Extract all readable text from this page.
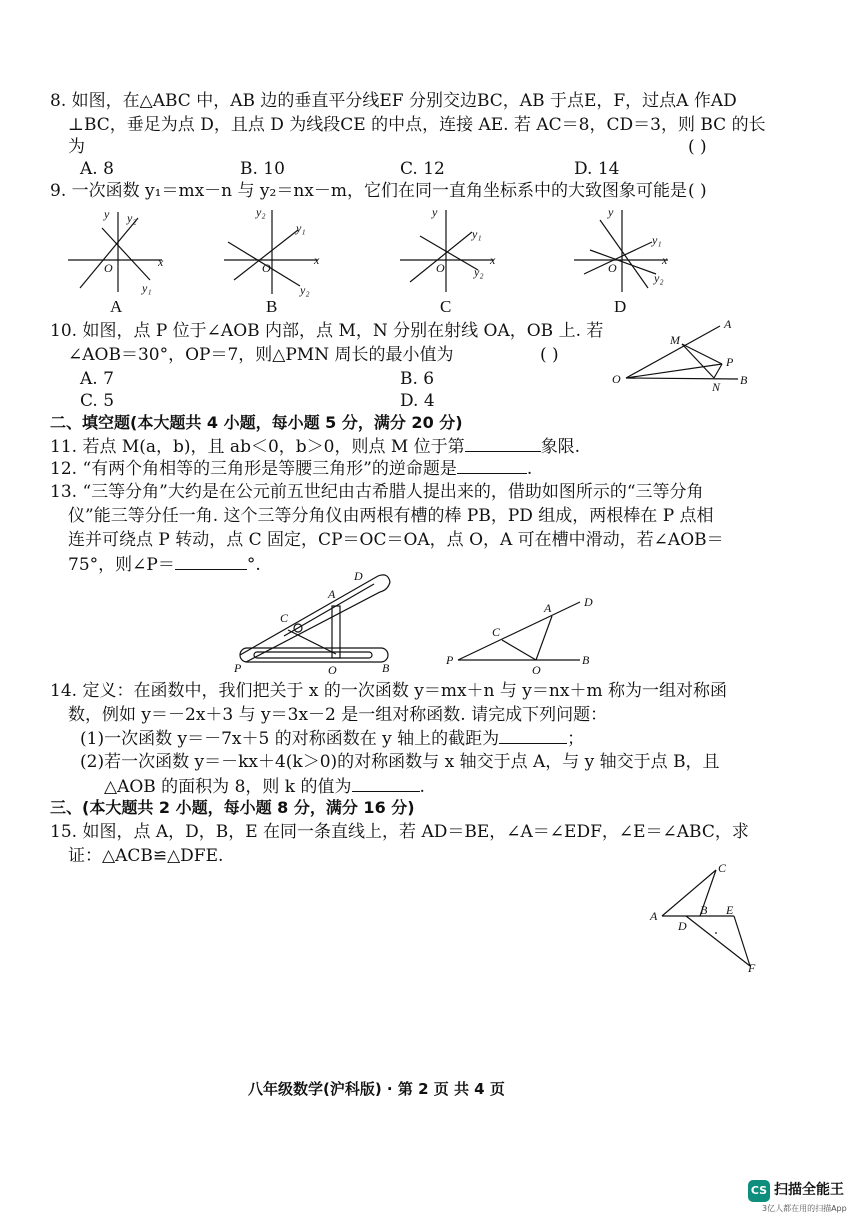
8. 如图，在△ABC 中，AB 边的垂直平分线EF 分别交边BC，AB 于点E，F，过点A 作AD
⊥BC，垂足为点 D，且点 D 为线段CE 的中点，连接 AE. 若 AC＝8，CD＝3，则 BC 的长
为	( )
A. 8	B. 10	C. 12	D. 14
9. 一次函数 y₁＝mx－n 与 y₂＝nx－m，它们在同一直角坐标系中的大致图象可能是 ( )
y y₂
O	x
y₁
y₂
y₁
O
x
y₂
y
y₁
O
x
y₂
y
y₁
O
x
y₂
A	B	C	D
10. 如图，点 P 位于∠AOB 内部，点 M，N 分别在射线 OA，OB 上. 若
∠AOB＝30°，OP＝7，则△PMN 周长的最小值为	( )
A. 7	B. 6
C. 5	D. 4
A
M
P
O
N B
二、填空题(本大题共 4 小题，每小题 5 分，满分 20 分)
11. 若点 M(a，b)，且 ab＜0，b＞0，则点 M 位于第	象限.
12. “有两个角相等的三角形是等腰三角形”的逆命题是	.
13. “三等分角”大约是在公元前五世纪由古希腊人提出来的，借助如图所示的“三等分角
仪”能三等分任一角. 这个三等分角仪由两根有槽的棒 PB，PD 组成，两根棒在 P 点相
连并可绕点 P 转动，点 C 固定，CP＝OC＝OA，点 O，A 可在槽中滑动，若∠AOB＝
75°，则∠P＝	°.
D
A
C
P	O	B
D
A
C
P
O
B
14. 定义：在函数中，我们把关于 x 的一次函数 y＝mx＋n 与 y＝nx＋m 称为一组对称函
数，例如 y＝－2x＋3 与 y＝3x－2 是一组对称函数. 请完成下列问题：
(1)一次函数 y＝－7x＋5 的对称函数在 y 轴上的截距为	；
(2)若一次函数 y＝－kx＋4(k＞0)的对称函数与 x 轴交于点 A，与 y 轴交于点 B，且
△AOB 的面积为 8，则 k 的值为	.
三、(本大题共 2 小题，每小题 8 分，满分 16 分)
15. 如图，点 A，D，B，E 在同一条直线上，若 AD＝BE，∠A＝∠EDF，∠E＝∠ABC，求
证：△ACB≌△DFE.
C
A	B E
D
F
八年级数学(沪科版) · 第 2 页 共 4 页
CS 扫描全能王
3亿人都在用的扫描App
